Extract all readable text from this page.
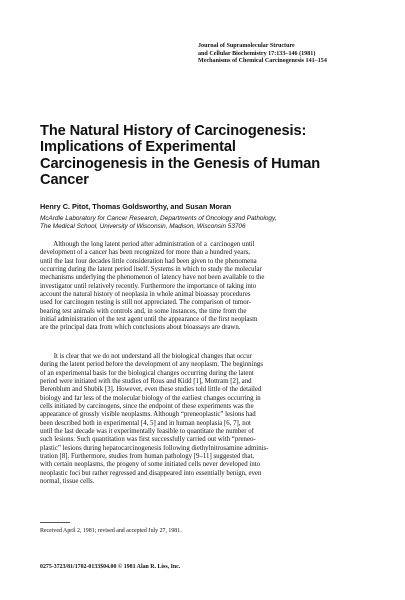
Journal of Supramolecular Structure
and Cellular Biochemistry 17:133–146 (1981)
Mechanisms of Chemical Carcinogenesis 141–154
The Natural History of Carcinogenesis:
Implications of Experimental
Carcinogenesis in the Genesis of Human
Cancer
Henry C. Pitot, Thomas Goldsworthy, and Susan Moran
McArdle Laboratory for Cancer Research, Departments of Oncology and Pathology,
The Medical School, University of Wisconsin, Madison, Wisconsin 53706
Although the long latent period after administration of a  carcinogen until
development of a cancer has been recognized for more than a hundred years,
until the last four decades little consideration had been given to the phenomena
occurring during the latent period itself. Systems in which to study the molecular
mechanisms underlying the phenomenon of latency have not been available to the
investigator until relatively recently. Furthermore the importance of taking into
account the natural history of neoplasia in whole animal bioassay procedures
used for carcinogen testing is still not appreciated. The comparison of tumor-
bearing test animals with controls and, in some instances, the time from the
initial administration of the test agent until the appearance of the first neoplasm
are the principal data from which conclusions about bioassays are drawn.
It is clear that we do not understand all the biological changes that occur
during the latent period before the development of any neoplasm. The beginnings
of an experimental basis for the biological changes occurring during the latent
period were initiated with the studies of Rous and Kidd [1], Mottram [2], and
Berenblum and Shubik [3]. However, even these studies told little of the detailed
biology and far less of the molecular biology of the earliest changes occurring in
cells initiated by carcinogens, since the endpoint of these experiments was the
appearance of grossly visible neoplasms. Although “preneoplastic” lesions had
been described both in experimental [4, 5] and in human neoplasia [6, 7], not
until the last decade was it experimentally feasible to quantitate the number of
such lesions. Such quantitation was first successfully carried out with “preneo-
plastic” lesions during hepatocarcinogenesis following diethylnitrosamine adminis-
tration [8]. Furthermore, studies from human pathology [9–11] suggested that,
with certain neoplasms, the progeny of some initiated cells never developed into
neoplastic foci but rather regressed and disappeared into essentially benign, even
normal, tissue cells.
Received April 2, 1981; revised and accepted July 27, 1981.
0275-3723/81/1702-0133$04.00 © 1981 Alan R. Liss, Inc.
